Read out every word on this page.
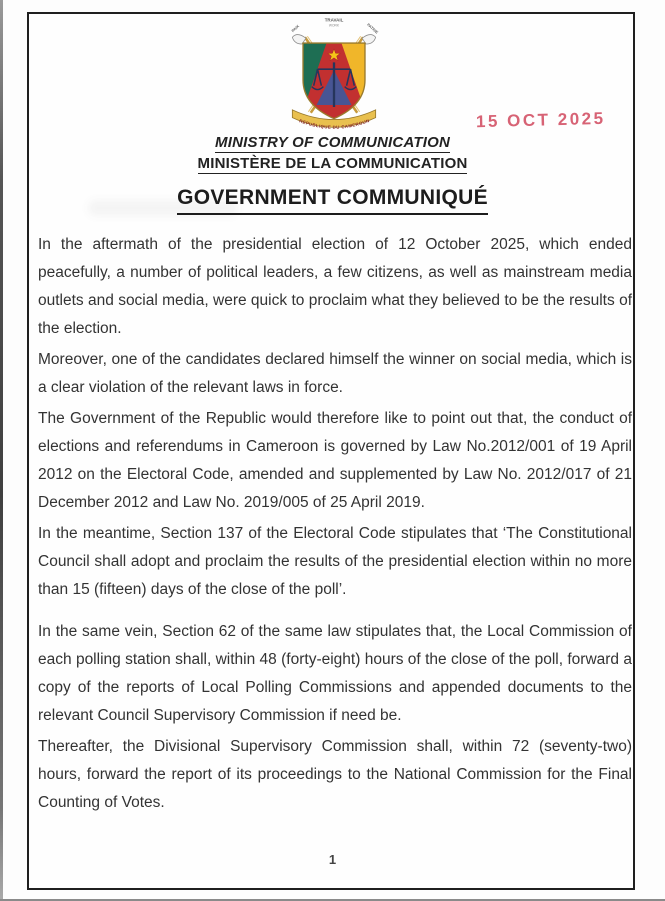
TRAVAIL
WORK
PAIX	PATRIE
RÉPUBLIQUE DU CAMEROUN	15 OCT 2025
MINISTRY OF COMMUNICATION
MINISTÈRE DE LA COMMUNICATION
GOVERNMENT COMMUNIQUÉ

In the aftermath of the presidential election of 12 October 2025, which ended peacefully, a number of political leaders, a few citizens, as well as mainstream media outlets and social media, were quick to proclaim what they believed to be the results of the election.

Moreover, one of the candidates declared himself the winner on social media, which is a clear violation of the relevant laws in force.

The Government of the Republic would therefore like to point out that, the conduct of elections and referendums in Cameroon is governed by Law No.2012/001 of 19 April 2012 on the Electoral Code, amended and supplemented by Law No. 2012/017 of 21 December 2012 and Law No. 2019/005 of 25 April 2019.

In the meantime, Section 137 of the Electoral Code stipulates that ‘The Constitutional Council shall adopt and proclaim the results of the presidential election within no more than 15 (fifteen) days of the close of the poll’.

In the same vein, Section 62 of the same law stipulates that, the Local Commission of each polling station shall, within 48 (forty-eight) hours of the close of the poll, forward a copy of the reports of Local Polling Commissions and appended documents to the relevant Council Supervisory Commission if need be.

Thereafter, the Divisional Supervisory Commission shall, within 72 (seventy-two) hours, forward the report of its proceedings to the National Commission for the Final Counting of Votes.

1
